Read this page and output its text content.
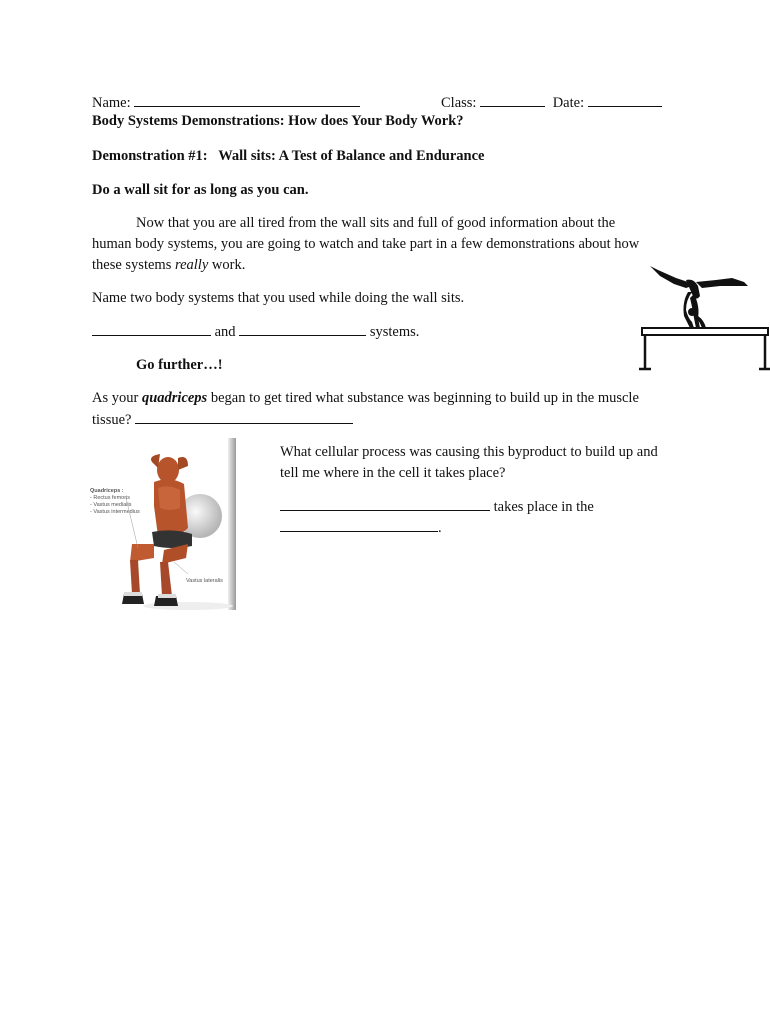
Name:	Class:	Date:
Body Systems Demonstrations: How does Your Body Work?
Demonstration #1:   Wall sits: A Test of Balance and Endurance
Do a wall sit for as long as you can.
Now that you are all tired from the wall sits and full of good information about the
human body systems, you are going to watch and take part in a few demonstrations about how
these systems really work.
Name two body systems that you used while doing the wall sits.
and	systems.
Go further…!
As your quadriceps began to get tired what substance was beginning to build up in the muscle
tissue?
What cellular process was causing this byproduct to build up and
tell me where in the cell it takes place?
takes place in the
.
Quadriceps :
- Rectus femoris
- Vastus medialis
- Vastus intermedius
Vastus lateralis
